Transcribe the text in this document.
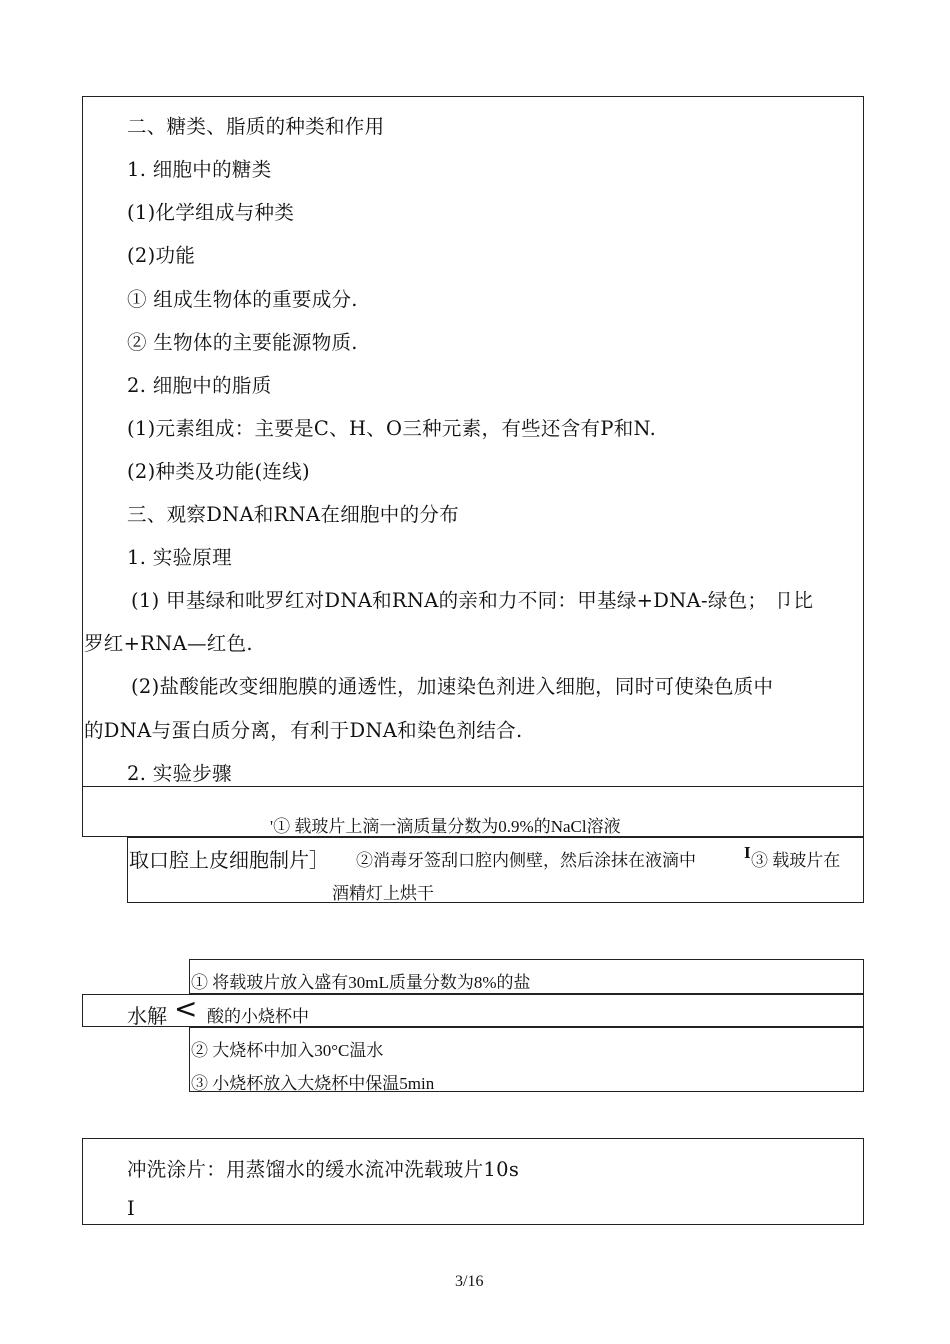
二、糖类、脂质的种类和作用
1. 细胞中的糖类
(1)化学组成与种类
(2)功能
① 组成生物体的重要成分.
② 生物体的主要能源物质.
2. 细胞中的脂质
(1)元素组成：主要是C、H、O三种元素，有些还含有P和N.
(2)种类及功能(连线)
三、观察DNA和RNA在细胞中的分布
1. 实验原理
(1) 甲基绿和吡罗红对DNA和RNA的亲和力不同：甲基绿+DNA-绿色； 卩比
罗红+RNA—红色.
(2)盐酸能改变细胞膜的通透性，加速染色剂进入细胞，同时可使染色质中
的DNA与蛋白质分离，有利于DNA和染色剂结合.
2. 实验步骤
'① 载玻片上滴一滴质量分数为0.9%的NaCl溶液
取口腔上皮细胞制片］ ②消毒牙签刮口腔内侧壁，然后涂抹在液滴中	I ③ 载玻片在
酒精灯上烘干
① 将载玻片放入盛有30mL质量分数为8%的盐
水解 < 酸的小烧杯中
② 大烧杯中加入30°C温水
③ 小烧杯放入大烧杯中保温5min
冲洗涂片：用蒸馏水的缓水流冲洗载玻片10s
I
3/16
